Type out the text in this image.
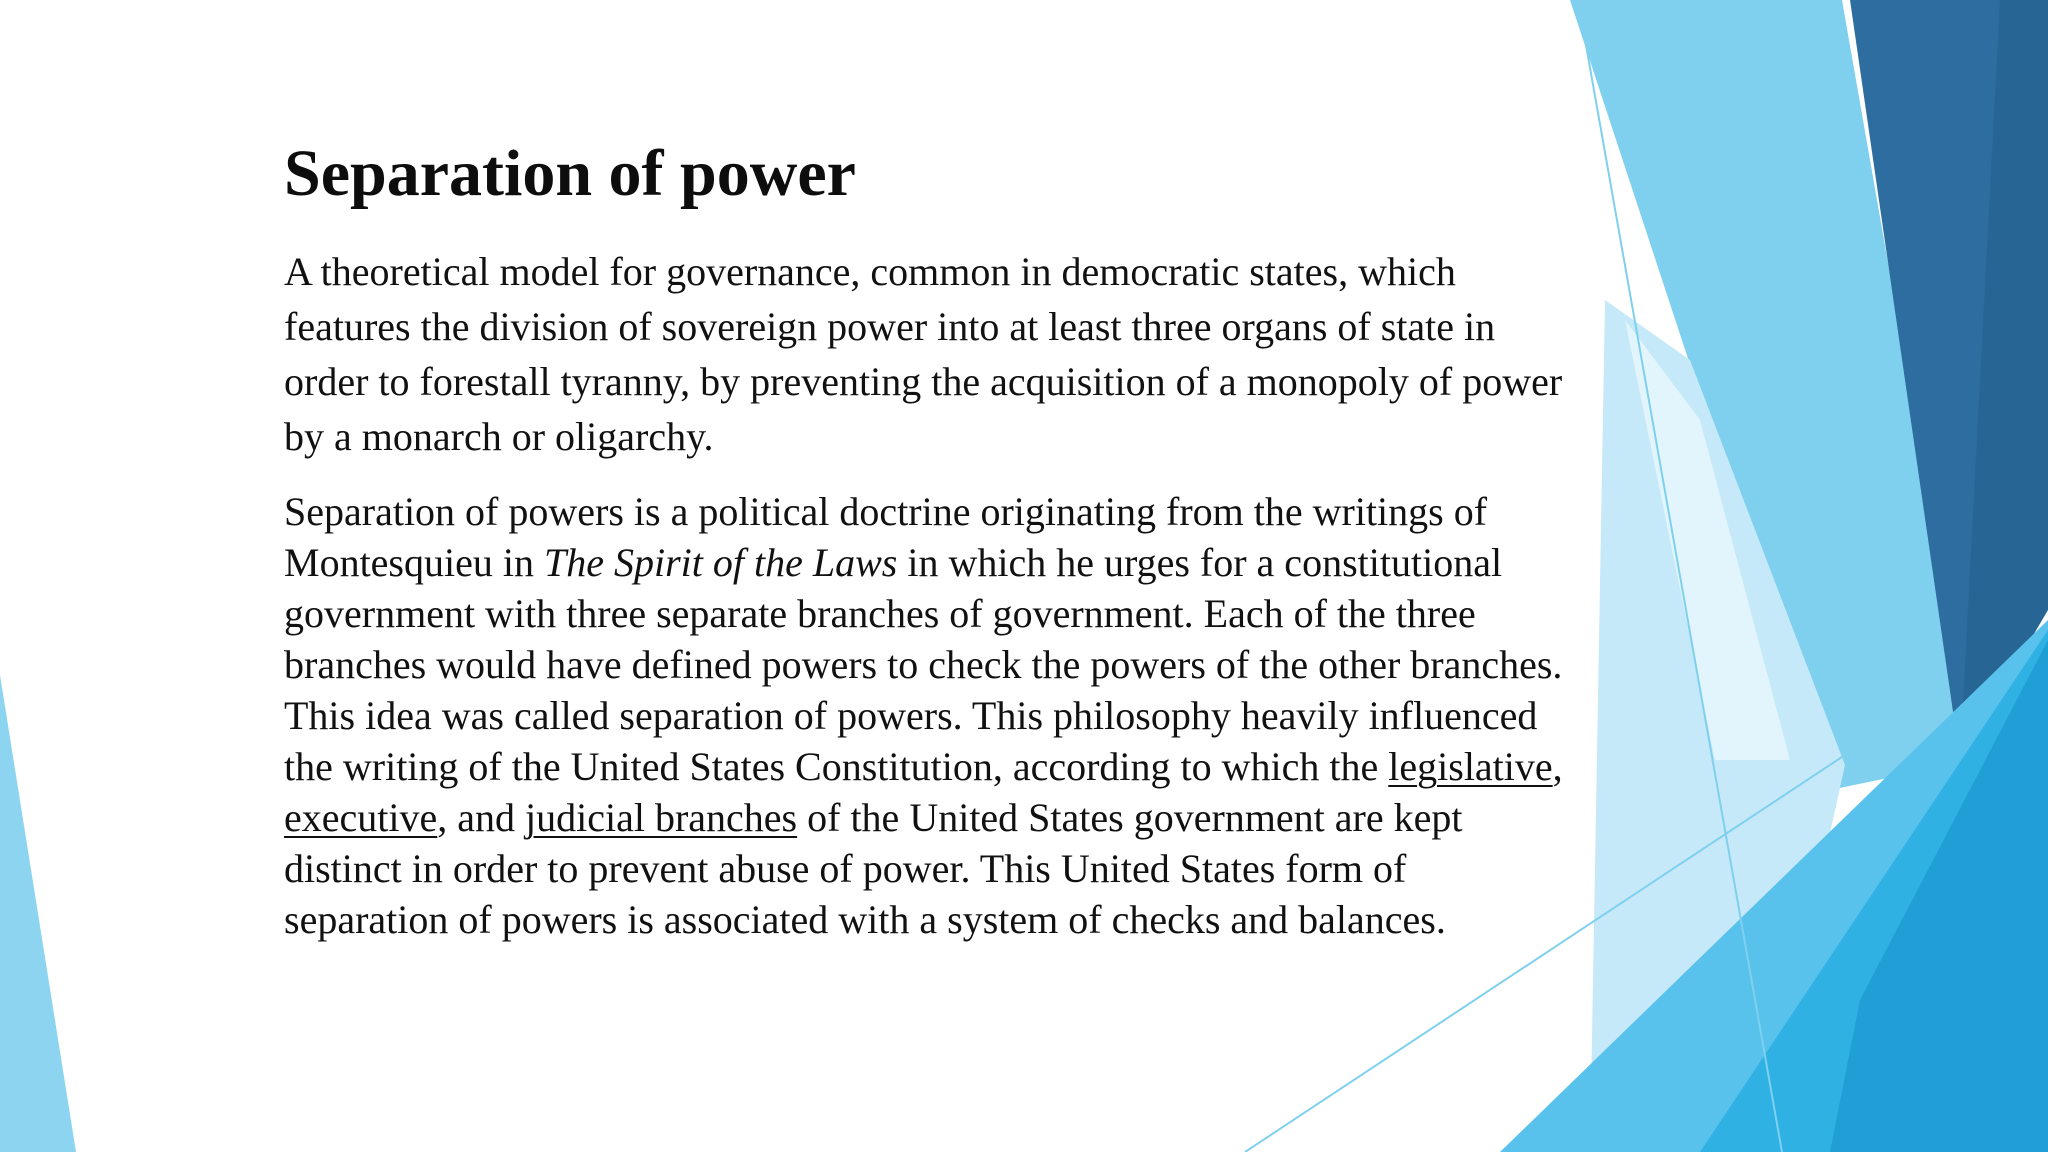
Separation of power

A theoretical model for governance, common in democratic states, which features the division of sovereign power into at least three organs of state in order to forestall tyranny, by preventing the acquisition of a monopoly of power by a monarch or oligarchy.

Separation of powers is a political doctrine originating from the writings of Montesquieu in The Spirit of the Laws in which he urges for a constitutional government with three separate branches of government. Each of the three branches would have defined powers to check the powers of the other branches. This idea was called separation of powers. This philosophy heavily influenced the writing of the United States Constitution, according to which the legislative, executive, and judicial branches of the United States government are kept distinct in order to prevent abuse of power. This United States form of separation of powers is associated with a system of checks and balances.
